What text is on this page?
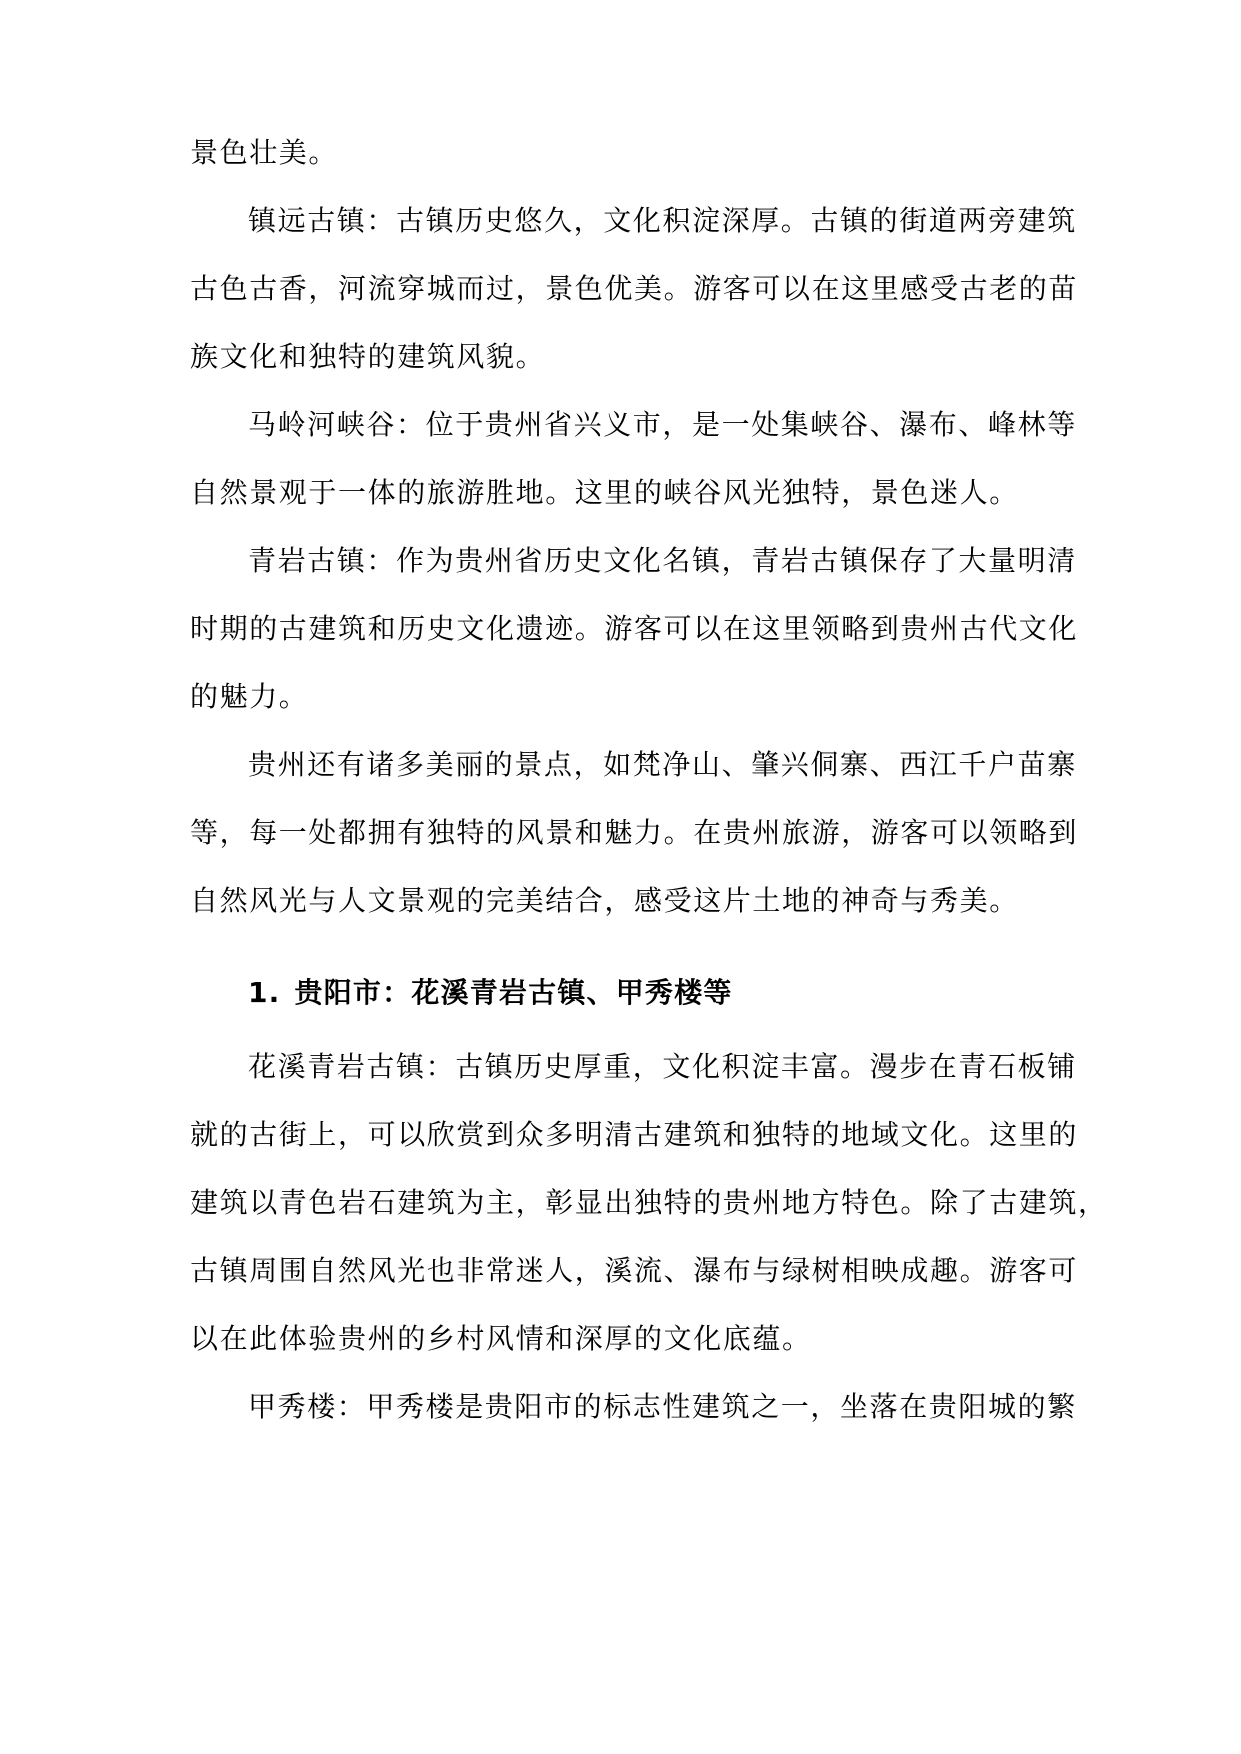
景色壮美。
镇远古镇：古镇历史悠久，文化积淀深厚。古镇的街道两旁建筑
古色古香，河流穿城而过，景色优美。游客可以在这里感受古老的苗
族文化和独特的建筑风貌。
马岭河峡谷：位于贵州省兴义市，是一处集峡谷、瀑布、峰林等
自然景观于一体的旅游胜地。这里的峡谷风光独特，景色迷人。
青岩古镇：作为贵州省历史文化名镇，青岩古镇保存了大量明清
时期的古建筑和历史文化遗迹。游客可以在这里领略到贵州古代文化
的魅力。
贵州还有诸多美丽的景点，如梵净山、肇兴侗寨、西江千户苗寨
等，每一处都拥有独特的风景和魅力。在贵州旅游，游客可以领略到
自然风光与人文景观的完美结合，感受这片土地的神奇与秀美。
1. 贵阳市：花溪青岩古镇、甲秀楼等
花溪青岩古镇：古镇历史厚重，文化积淀丰富。漫步在青石板铺
就的古街上，可以欣赏到众多明清古建筑和独特的地域文化。这里的
建筑以青色岩石建筑为主，彰显出独特的贵州地方特色。除了古建筑，
古镇周围自然风光也非常迷人，溪流、瀑布与绿树相映成趣。游客可
以在此体验贵州的乡村风情和深厚的文化底蕴。
甲秀楼：甲秀楼是贵阳市的标志性建筑之一，坐落在贵阳城的繁
